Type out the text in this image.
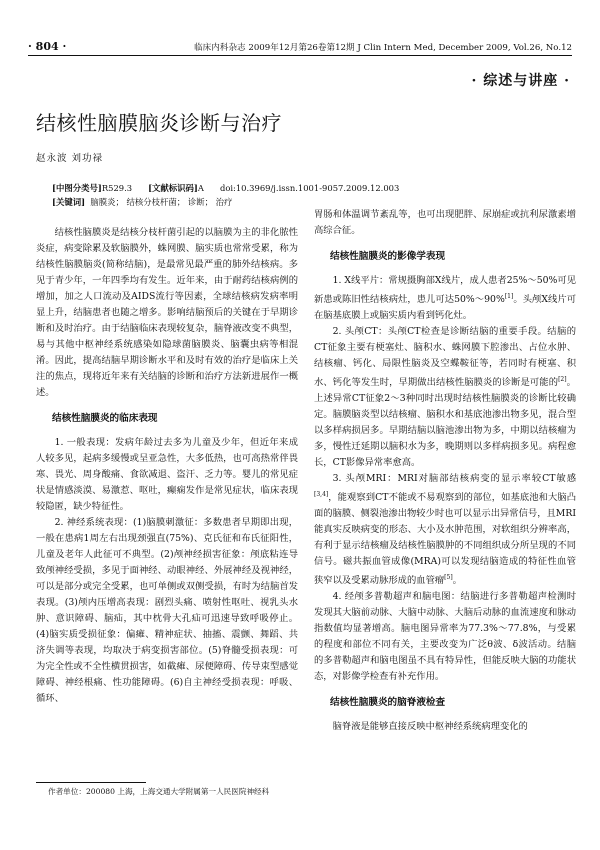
· 804 ·	临床内科杂志 2009年12月第26卷第12期 J Clin Intern Med, December 2009, Vol.26, No.12
· 综述与讲座 ·
结核性脑膜脑炎诊断与治疗
赵永波 刘功禄
[中图分类号]R529.3 [文献标识码]A doi:10.3969/j.issn.1001-9057.2009.12.003
[关键词] 脑膜炎； 结核分枝杆菌； 诊断； 治疗

结核性脑膜炎是结核分枝杆菌引起的以脑膜为主的非化脓性炎症，病变除累及软脑膜外，蛛网膜、脑实质也常常受累，称为结核性脑膜脑炎(简称结脑)，是最常见最严重的肺外结核病。多见于青少年，一年四季均有发生。近年来，由于耐药结核病例的增加，加之人口流动及AIDS流行等因素，全球结核病发病率明显上升，结脑患者也随之增多。影响结脑预后的关键在于早期诊断和及时治疗。由于结脑临床表现较复杂，脑脊液改变不典型，易与其他中枢神经系统感染如隐球菌脑膜炎、脑囊虫病等相混淆。因此，提高结脑早期诊断水平和及时有效的治疗是临床上关注的焦点，现将近年来有关结脑的诊断和治疗方法新进展作一概述。

结核性脑膜炎的临床表现

1. 一般表现：发病年龄过去多为儿童及少年，但近年来成人较多见，起病多缓慢或呈亚急性，大多低热，也可高热常伴畏寒、畏光、周身酸痛、食欲减退、盗汗、乏力等。婴儿的常见症状是情感淡漠、易激惹、呕吐，癫痫发作是常见症状，临床表现较隐匿，缺少特征性。

2. 神经系统表现：(1)脑膜刺激征：多数患者早期即出现，一般在患病1周左右出现颈强直(75%)、克氏征和布氏征阳性，儿童及老年人此征可不典型。(2)颅神经损害征象：颅底粘连导致颅神经受损，多见于面神经、动眼神经、外展神经及视神经，可以是部分或完全受累，也可单侧或双侧受损，有时为结脑首发表现。(3)颅内压增高表现：剧烈头痛、喷射性呕吐、视乳头水肿、意识障碍、脑疝，其中枕骨大孔疝可迅速导致呼吸停止。(4)脑实质受损征象：偏瘫、精神症状、抽搐、震颤、舞蹈、共济失调等表现，均取决于病变损害部位。(5)脊髓受损表现：可为完全性或不全性横贯损害，如截瘫、尿便障碍、传导束型感觉障碍、神经根痛、性功能障碍。(6)自主神经受损表现：呼吸、循环、

胃肠和体温调节紊乱等，也可出现肥胖、尿崩症或抗利尿激素增高综合征。

结核性脑膜炎的影像学表现

1. X线平片：常规摄胸部X线片，成人患者25%～50%可见新患或陈旧性结核病灶，患儿可达50%～90%[1]。头颅X线片可在脑基底膜上或脑实质内看到钙化灶。

2. 头颅CT：头颅CT检查是诊断结脑的重要手段。结脑的CT征象主要有梗塞灶、脑积水、蛛网膜下腔渗出、占位水肿、结核瘤、钙化、局限性脑炎及空蝶鞍征等，若同时有梗塞、积水、钙化等发生时，早期做出结核性脑膜炎的诊断是可能的[2]。上述异常CT征象2～3种同时出现时结核性脑膜炎的诊断比较确定。脑膜脑炎型以结核瘤、脑积水和基底池渗出物多见，混合型以多样病损居多。早期结脑以脑池渗出物为多，中期以结核瘤为多，慢性迁延期以脑积水为多，晚期则以多样病损多见。病程愈长，CT影像异常率愈高。

3. 头颅MRI：MRI对脑部结核病变的显示率较CT敏感[3,4]，能观察到CT不能或不易观察到的部位，如基底池和大脑凸面的脑膜、侧裂池渗出物较少时也可以显示出异常信号，且MRI能真实反映病变的形态、大小及水肿范围，对软组织分辨率高，有利于显示结核瘤及结核性脑膜肿的不同组织成分所呈现的不同信号。磁共振血管成像(MRA)可以发现结脑造成的特征性血管狭窄以及受累动脉形成的血管瘤[5]。

4. 经颅多普勒超声和脑电图：结脑进行多普勒超声检测时发现其大脑前动脉、大脑中动脉、大脑后动脉的血流速度和脉动指数值均显著增高。脑电图异常率为77.3%～77.8%，与受累的程度和部位不同有关，主要改变为广泛θ波、δ波活动。结脑的多普勒超声和脑电图虽不具有特异性，但能反映大脑的功能状态，对影像学检查有补充作用。

结核性脑膜炎的脑脊液检查

脑脊液是能够直接反映中枢神经系统病理变化的

作者单位：200080 上海，上海交通大学附属第一人民医院神经科
